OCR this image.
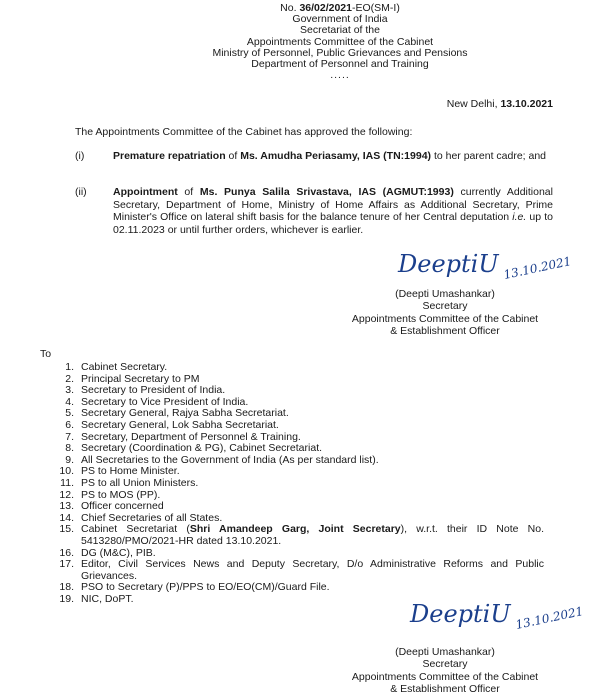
No. 36/02/2021-EO(SM-I)
Government of India
Secretariat of the
Appointments Committee of the Cabinet
Ministry of Personnel, Public Grievances and Pensions
Department of Personnel and Training
.....
New Delhi, 13.10.2021
The Appointments Committee of the Cabinet has approved the following:
(i)	Premature repatriation of Ms. Amudha Periasamy, IAS (TN:1994) to her parent cadre; and
(ii)	Appointment of Ms. Punya Salila Srivastava, IAS (AGMUT:1993) currently Additional Secretary, Department of Home, Ministry of Home Affairs as Additional Secretary, Prime Minister's Office on lateral shift basis for the balance tenure of her Central deputation i.e. up to 02.11.2023 or until further orders, whichever is earlier.
DeeptiU 13.10.2021
(Deepti Umashankar)
Secretary
Appointments Committee of the Cabinet
& Establishment Officer
To
1. Cabinet Secretary.
2. Principal Secretary to PM
3. Secretary to President of India.
4. Secretary to Vice President of India.
5. Secretary General, Rajya Sabha Secretariat.
6. Secretary General, Lok Sabha Secretariat.
7. Secretary, Department of Personnel & Training.
8. Secretary (Coordination & PG), Cabinet Secretariat.
9. All Secretaries to the Government of India (As per standard list).
10. PS to Home Minister.
11. PS to all Union Ministers.
12. PS to MOS (PP).
13. Officer concerned
14. Chief Secretaries of all States.
15. Cabinet Secretariat (Shri Amandeep Garg, Joint Secretary), w.r.t. their ID Note No. 5413280/PMO/2021-HR dated 13.10.2021.
16. DG (M&C), PIB.
17. Editor, Civil Services News and Deputy Secretary, D/o Administrative Reforms and Public Grievances.
18. PSO to Secretary (P)/PPS to EO/EO(CM)/Guard File.
19. NIC, DoPT.
DeeptiU 13.10.2021
(Deepti Umashankar)
Secretary
Appointments Committee of the Cabinet
& Establishment Officer
